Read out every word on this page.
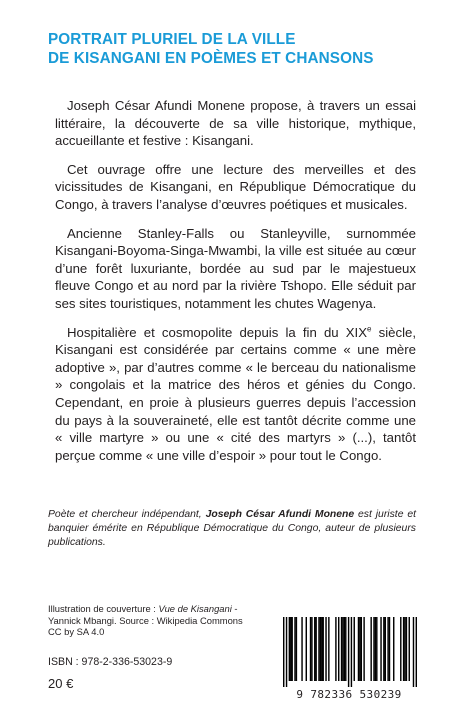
PORTRAIT PLURIEL DE LA VILLE
DE KISANGANI EN POÈMES ET CHANSONS

Joseph César Afundi Monene propose, à travers un essai littéraire, la découverte de sa ville historique, mythique, accueillante et festive : Kisangani.

Cet ouvrage offre une lecture des merveilles et des vicissitudes de Kisangani, en République Démocratique du Congo, à travers l’analyse d’œuvres poétiques et musicales.

Ancienne Stanley-Falls ou Stanleyville, surnommée Kisangani-Boyoma-Singa-Mwambi, la ville est située au cœur d’une forêt luxuriante, bordée au sud par le majestueux fleuve Congo et au nord par la rivière Tshopo. Elle séduit par ses sites touristiques, notamment les chutes Wagenya.

Hospitalière et cosmopolite depuis la fin du XIXe siècle, Kisangani est considérée par certains comme « une mère adoptive », par d’autres comme « le berceau du nationalisme » congolais et la matrice des héros et génies du Congo. Cependant, en proie à plusieurs guerres depuis l’accession du pays à la souveraineté, elle est tantôt décrite comme une « ville martyre » ou une « cité des martyrs » (...), tantôt perçue comme « une ville d’espoir » pour tout le Congo.

Poète et chercheur indépendant, Joseph César Afundi Monene est juriste et banquier émérite en République Démocratique du Congo, auteur de plusieurs publications.

Illustration de couverture : Vue de Kisangani - Yannick Mbangi. Source : Wikipedia Commons
CC by SA 4.0

ISBN : 978-2-336-53023-9

20 €

9 782336 530239
